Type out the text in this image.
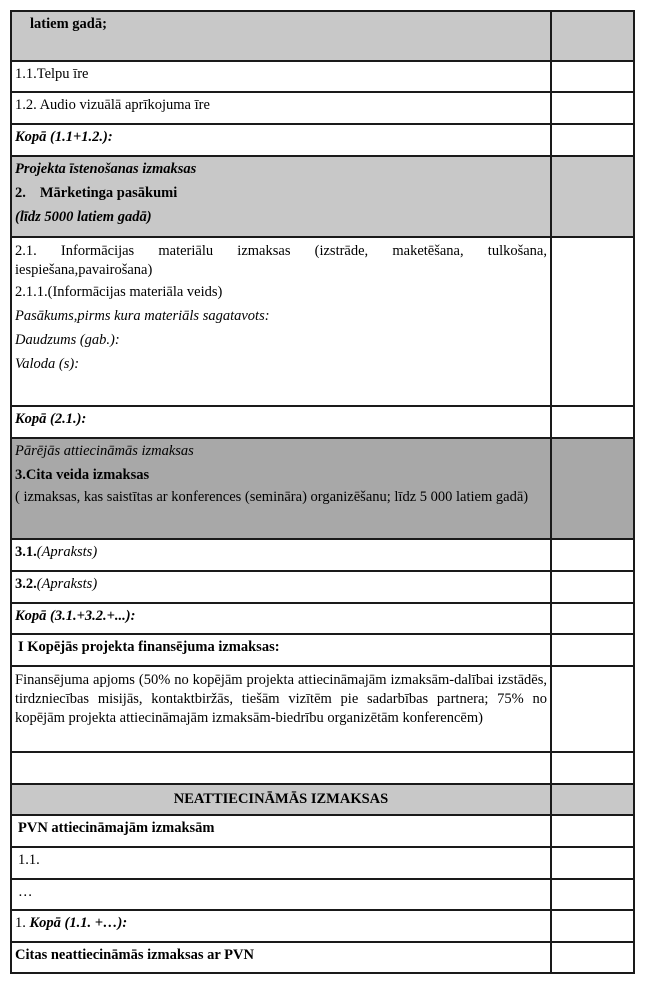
latiem gadā;	
1.1.Telpu īre	
1.2. Audio vizuālā aprīkojuma īre	
Kopā (1.1+1.2.):	

Projekta īstenošanas izmaksas
2. Mārketinga pasākumi
(līdz 5000 latiem gadā)	

2.1. Informācijas materiālu izmaksas (izstrāde, maketēšana, tulkošana, iespiešana,pavairošana)
2.1.1.(Informācijas materiāla veids)
Pasākums,pirms kura materiāls sagatavots:
Daudzums (gab.):
Valoda (s):	

Kopā (2.1.):	

Pārējās attiecināmās izmaksas
3.Cita veida izmaksas
( izmaksas, kas saistītas ar konferences (semināra) organizēšanu; līdz 5 000 latiem gadā)	

3.1.(Apraksts)	
3.2.(Apraksts)	
Kopā (3.1.+3.2.+...):	
I Kopējās projekta finansējuma izmaksas:	

Finansējuma apjoms (50% no kopējām projekta attiecināmajām izmaksām-dalībai izstādēs, tirdzniecības misijās, kontaktbiržās, tiešām vizītēm pie sadarbības partnera; 75% no kopējām projekta attiecināmajām izmaksām-biedrību organizētām konferencēm)	

NEATTIECINĀMĀS IZMAKSAS	
PVN attiecināmajām izmaksām	
1.1.	
…	
1. Kopā (1.1. +…):	
Citas neattiecināmās izmaksas ar PVN	
